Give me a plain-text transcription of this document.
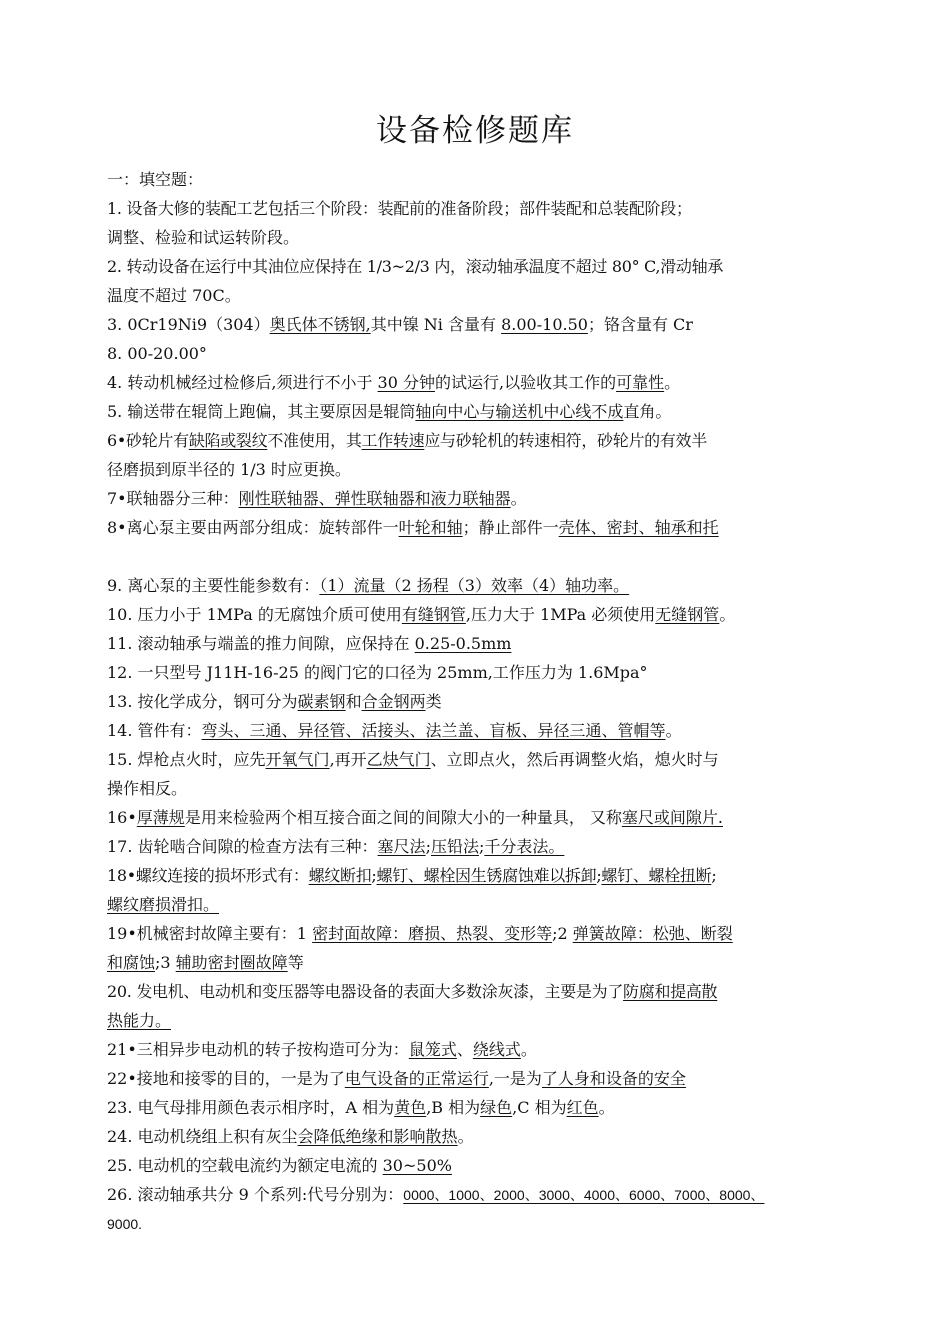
设备检修题库
一：填空题：
1. 设备大修的装配工艺包括三个阶段：装配前的准备阶段；部件装配和总装配阶段；
调整、检验和试运转阶段。
2. 转动设备在运行中其油位应保持在 1/3~2/3 内，滚动轴承温度不超过 80° C,滑动轴承
温度不超过 70C。
3. 0Cr19Ni9（304）奥氏体不锈钢,其中镍 Ni 含量有 8.00-10.50；铬含量有 Cr
8. 00-20.00°
4. 转动机械经过检修后,须进行不小于 30 分钟的试运行,以验收其工作的可靠性。
5. 输送带在辊筒上跑偏，其主要原因是辊筒轴向中心与输送机中心线不成直角。
6•砂轮片有缺陷或裂纹不准使用，其工作转速应与砂轮机的转速相符，砂轮片的有效半
径磨损到原半径的 1/3 时应更换。
7•联轴器分三种：刚性联轴器、弹性联轴器和液力联轴器。
8•离心泵主要由两部分组成：旋转部件一叶轮和轴；静止部件一壳体、密封、轴承和托
9. 离心泵的主要性能参数有：（1）流量（2 扬程（3）效率（4）轴功率。
10. 压力小于 1MPa 的无腐蚀介质可使用有缝钢管,压力大于 1MPa 必须使用无缝钢管。
11. 滚动轴承与端盖的推力间隙，应保持在 0.25-0.5mm
12. 一只型号 J11H-16-25 的阀门它的口径为 25mm,工作压力为 1.6Mpa°
13. 按化学成分，钢可分为碳素钢和合金钢两类
14. 管件有：弯头、三通、异径管、活接头、法兰盖、盲板、异径三通、管帽等。
15. 焊枪点火时，应先开氧气门,再开乙炔气门、立即点火，然后再调整火焰，熄火时与
操作相反。
16•厚薄规是用来检验两个相互接合面之间的间隙大小的一种量具， 又称塞尺或间隙片.
17. 齿轮啮合间隙的检查方法有三种：塞尺法;压铅法;千分表法。
18•螺纹连接的损坏形式有：螺纹断扣;螺钉、螺栓因生锈腐蚀难以拆卸;螺钉、螺栓扭断;
螺纹磨损滑扣。
19•机械密封故障主要有：1 密封面故障：磨损、热裂、变形等;2 弹簧故障：松弛、断裂
和腐蚀;3 辅助密封圈故障等
20. 发电机、电动机和变压器等电器设备的表面大多数涂灰漆，主要是为了防腐和提高散
热能力。
21•三相异步电动机的转子按构造可分为：鼠笼式、绕线式。
22•接地和接零的目的，一是为了电气设备的正常运行,一是为了人身和设备的安全
23. 电气母排用颜色表示相序时，A 相为黄色,B 相为绿色,C 相为红色。
24. 电动机绕组上积有灰尘会降低绝缘和影响散热。
25. 电动机的空载电流约为额定电流的 30~50%
26. 滚动轴承共分 9 个系列:代号分别为：0000、1000、2000、3000、4000、6000、7000、8000、
9000.
